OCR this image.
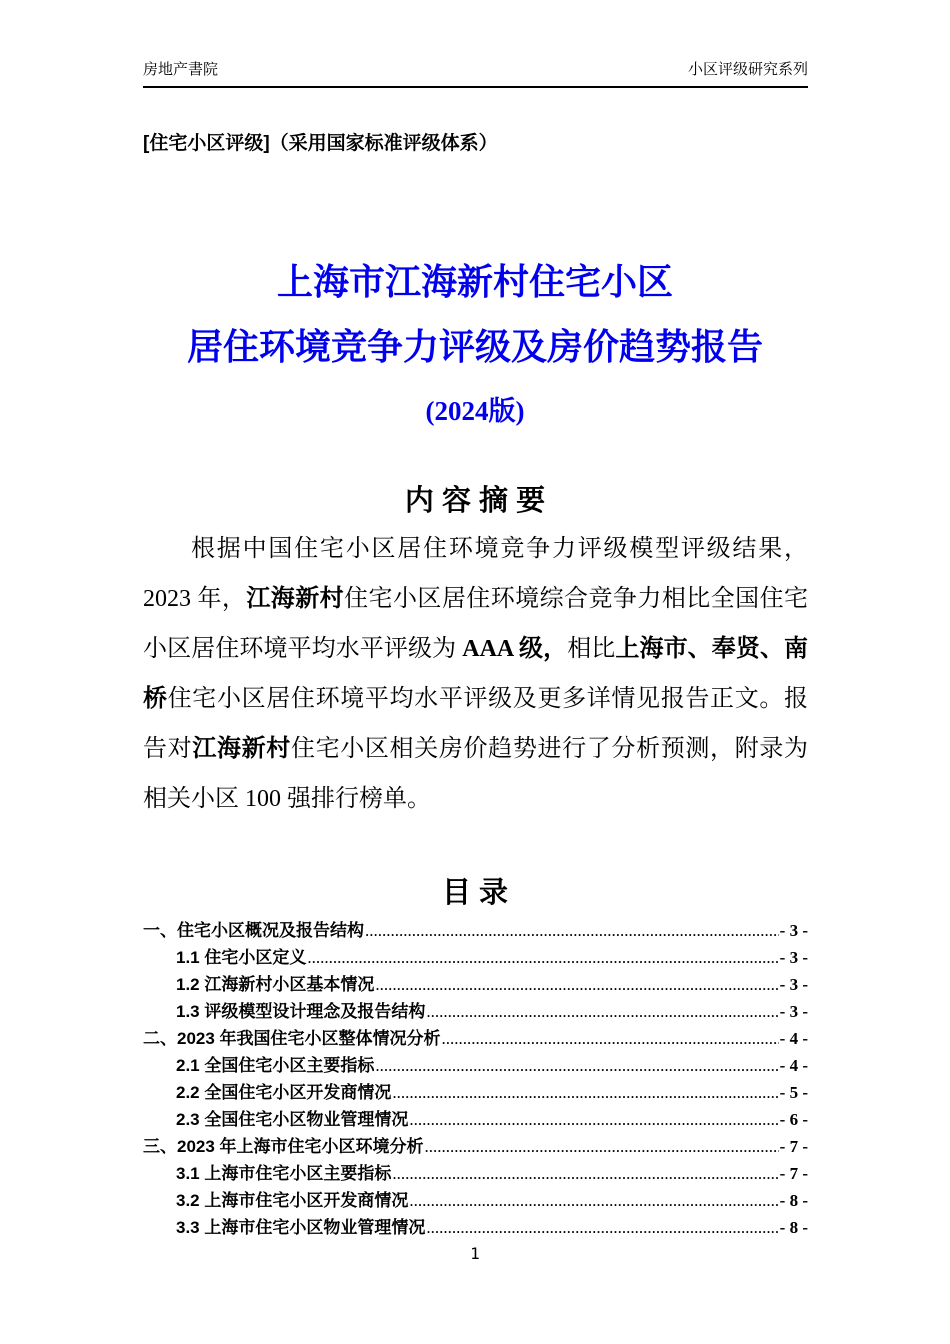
房地产書院	小区评级研究系列
[住宅小区评级]（采用国家标准评级体系）
上海市江海新村住宅小区
居住环境竞争力评级及房价趋势报告
(2024版)
内 容 摘 要
根据中国住宅小区居住环境竞争力评级模型评级结果，2023 年，江海新村住宅小区居住环境综合竞争力相比全国住宅小区居住环境平均水平评级为 AAA 级，相比上海市、奉贤、南桥住宅小区居住环境平均水平评级及更多详情见报告正文。报告对江海新村住宅小区相关房价趋势进行了分析预测，附录为相关小区 100 强排行榜单。
目 录
一、住宅小区概况及报告结构 .....	- 3 -
1.1 住宅小区定义 .....	- 3 -
1.2 江海新村小区基本情况 .....	- 3 -
1.3 评级模型设计理念及报告结构 .....	- 3 -
二、2023 年我国住宅小区整体情况分析 .....	- 4 -
2.1 全国住宅小区主要指标 .....	- 4 -
2.2 全国住宅小区开发商情况 .....	- 5 -
2.3 全国住宅小区物业管理情况 .....	- 6 -
三、2023 年上海市住宅小区环境分析 .....	- 7 -
3.1 上海市住宅小区主要指标 .....	- 7 -
3.2 上海市住宅小区开发商情况 .....	- 8 -
3.3 上海市住宅小区物业管理情况 .....	- 8 -
1
